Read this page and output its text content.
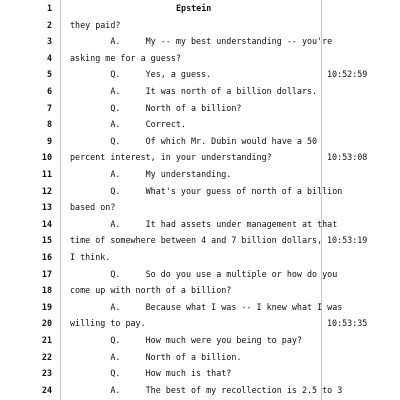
1	Epstein
2 they paid?
3 A.     My -- my best understanding -- you're
4 asking me for a guess?
5 Q.     Yes, a guess.	10:52:59
6 A.     It was north of a billion dollars.
7 Q.     North of a billion?
8 A.     Correct.
9 Q.     Of which Mr. Dubin would have a 50
10 percent interest, in your understanding?	10:53:08
11 A.     My understanding.
12 Q.     What's your guess of north of a billion
13 based on?
14 A.     It had assets under management at that
15 time of somewhere between 4 and 7 billion dollars, 10:53:19
16 I think.
17 Q.     So do you use a multiple or how do you
18 come up with north of a billion?
19 A.     Because what I was -- I knew what I was
20 willing to pay.	10:53:35
21 Q.     How much were you being to pay?
22 A.     North of a billion.
23 Q.     How much is that?
24 A.     The best of my recollection is 2.5 to 3
